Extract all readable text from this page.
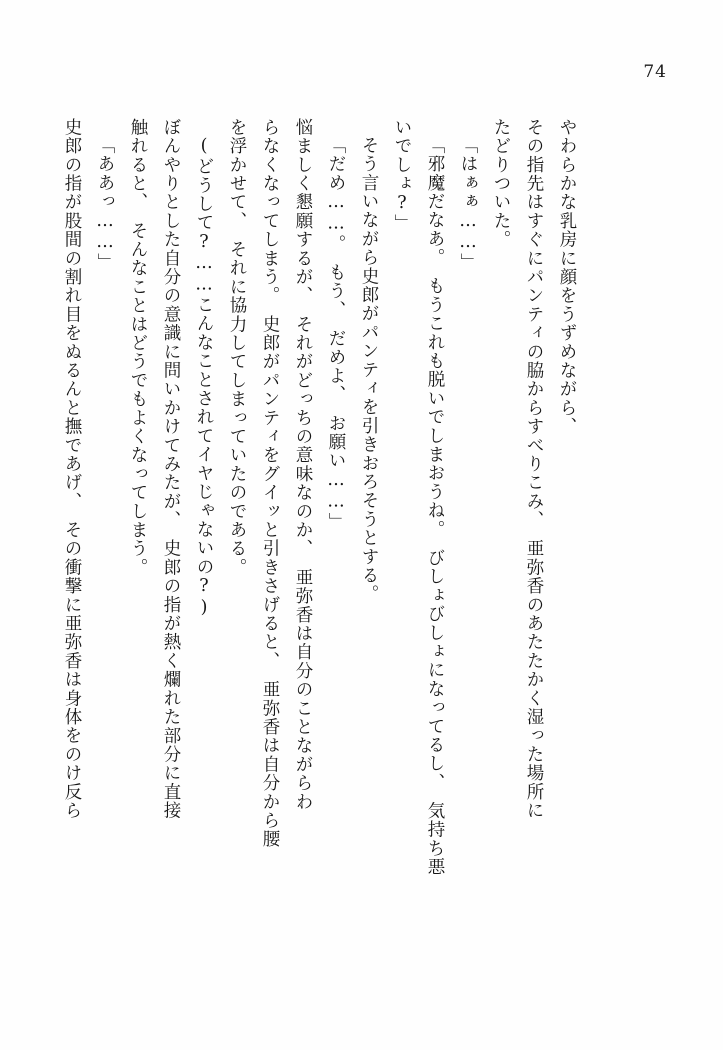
74
史郎の指が股間の割れ目をぬるんと撫であげ、　その衝撃に亜弥香は身体をのけ反ら 「ああっ……」 触れると、　そんなことはどうでもよくなってしまう。 ぼんやりとした自分の意識に問いかけてみたが、　史郎の指が熱く爛れた部分に直接 (どうして?……こんなことされてイヤじゃないの?) を浮かせて、　それに協力してしまっていたのである。 らなくなってしまう。　史郎がパンティをグイッと引きさげると、　亜弥香は自分から腰 悩ましく懇願するが、　それがどっちの意味なのか、　亜弥香は自分のことながらわ 「だめ……。　もう、　だめよ、　お願い……」 そう言いながら史郎がパンティを引きおろそうとする。 いでしょ?」 「邪魔だなあ。　もうこれも脱いでしまおうね。　びしょびしょになってるし、　気持ち悪 「はぁぁ……」 たどりついた。 その指先はすぐにパンティの脇からすべりこみ、　亜弥香のあたたかく湿った場所に やわらかな乳房に顔をうずめながら、
